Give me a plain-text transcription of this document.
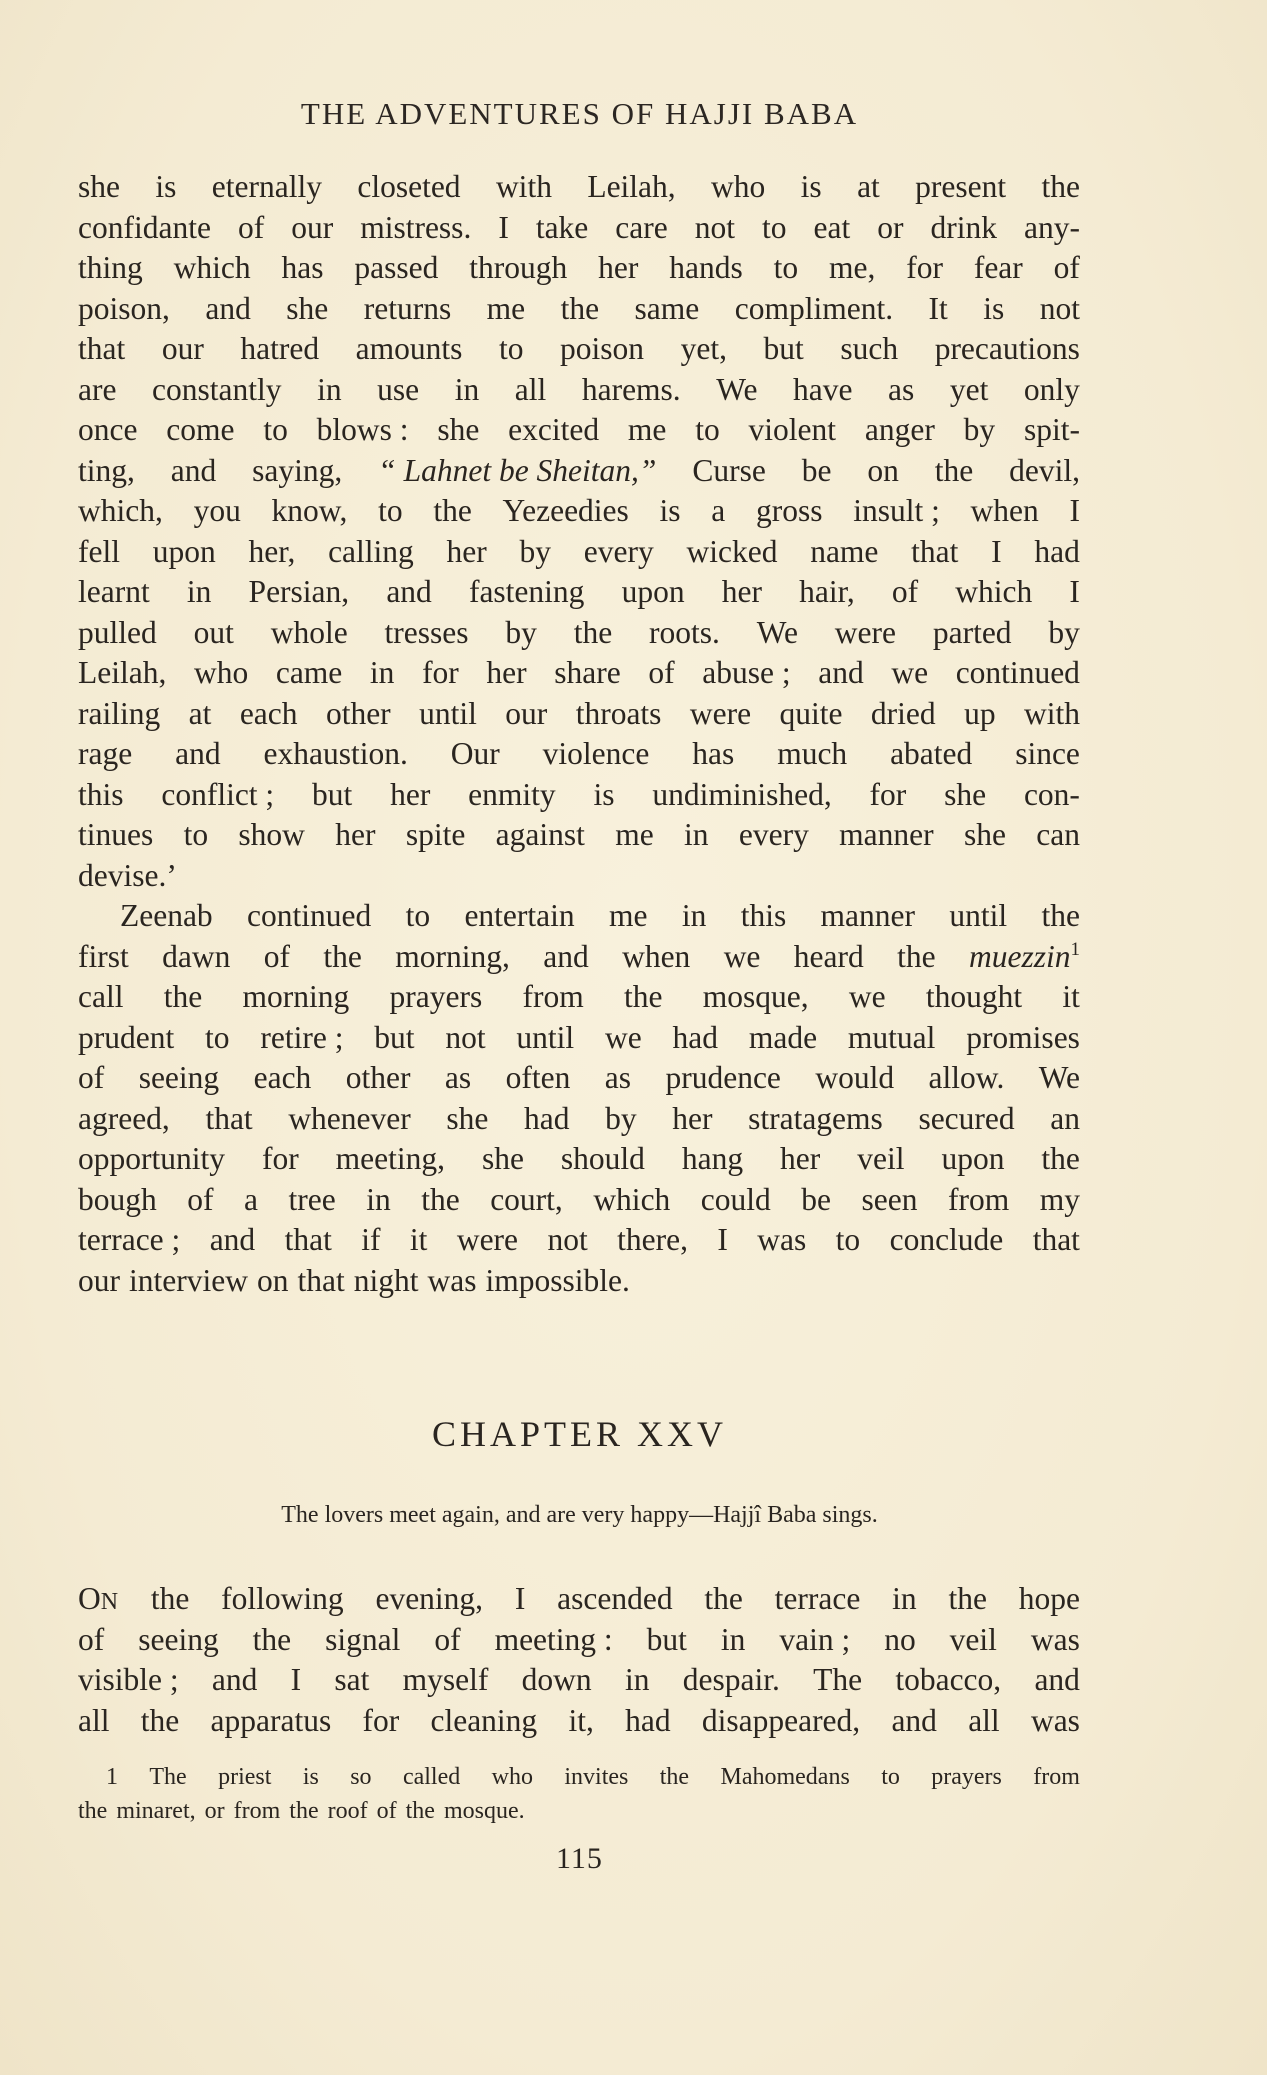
THE ADVENTURES OF HAJJI BABA
she is eternally closeted with Leilah, who is at present the
confidante of our mistress. I take care not to eat or drink any-
thing which has passed through her hands to me, for fear of
poison, and she returns me the same compliment. It is not
that our hatred amounts to poison yet, but such precautions
are constantly in use in all harems. We have as yet only
once come to blows : she excited me to violent anger by spit-
ting, and saying, “ Lahnet be Sheitan,” Curse be on the devil,
which, you know, to the Yezeedies is a gross insult ; when I
fell upon her, calling her by every wicked name that I had
learnt in Persian, and fastening upon her hair, of which I
pulled out whole tresses by the roots. We were parted by
Leilah, who came in for her share of abuse ; and we continued
railing at each other until our throats were quite dried up with
rage and exhaustion. Our violence has much abated since
this conflict ; but her enmity is undiminished, for she con-
tinues to show her spite against me in every manner she can
devise.’
Zeenab continued to entertain me in this manner until the
first dawn of the morning, and when we heard the muezzin$^1$
call the morning prayers from the mosque, we thought it
prudent to retire ; but not until we had made mutual promises
of seeing each other as often as prudence would allow. We
agreed, that whenever she had by her stratagems secured an
opportunity for meeting, she should hang her veil upon the
bough of a tree in the court, which could be seen from my
terrace ; and that if it were not there, I was to conclude that
our interview on that night was impossible.
CHAPTER XXV
The lovers meet again, and are very happy—Hajjî Baba sings.
ON the following evening, I ascended the terrace in the hope
of seeing the signal of meeting : but in vain ; no veil was
visible ; and I sat myself down in despair. The tobacco, and
all the apparatus for cleaning it, had disappeared, and all was
1 The priest is so called who invites the Mahomedans to prayers from
the minaret, or from the roof of the mosque.
115
